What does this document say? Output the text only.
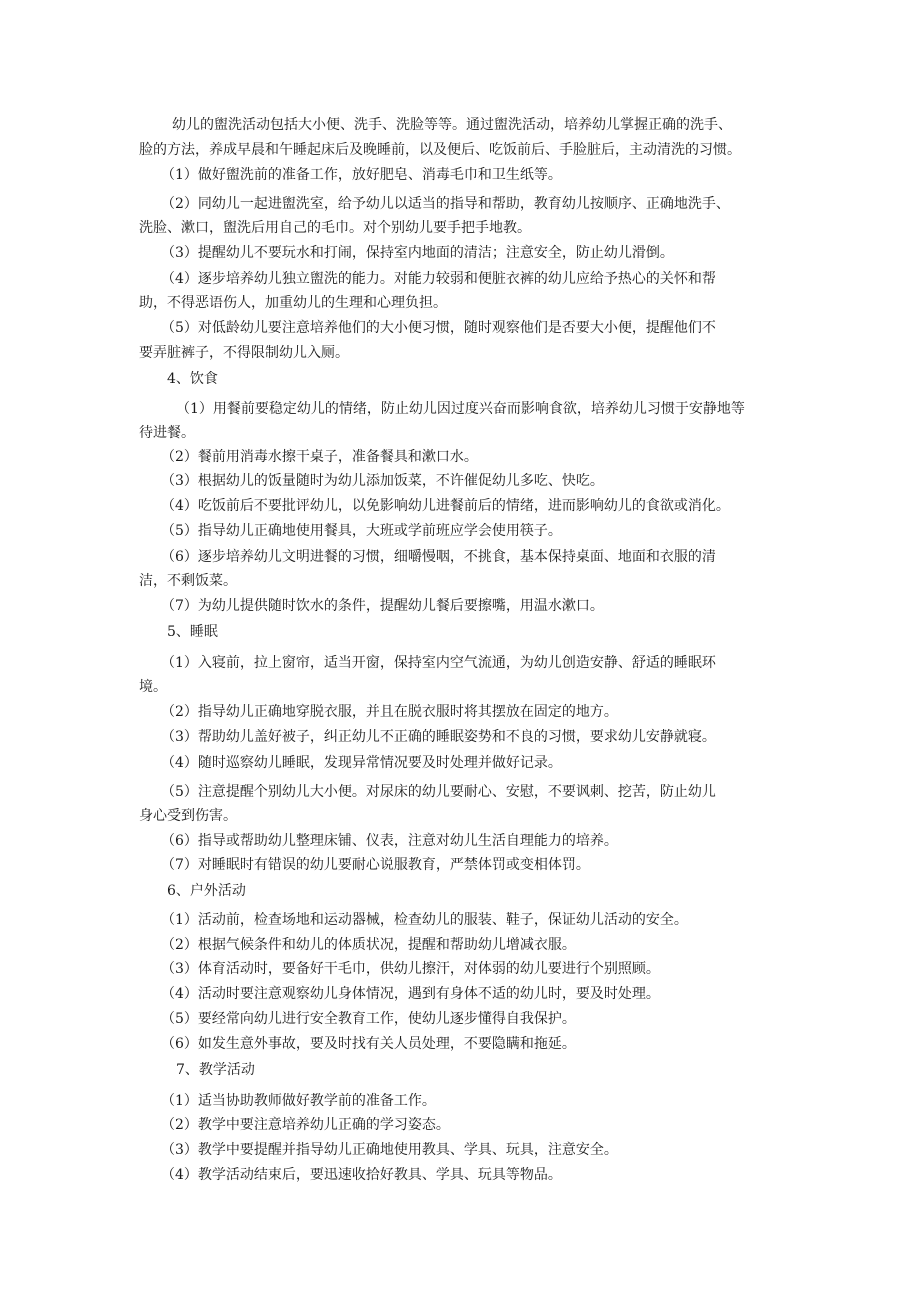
幼儿的盥洗活动包括大小便、洗手、洗脸等等。通过盥洗活动，培养幼儿掌握正确的洗手、

脸的方法，养成早晨和午睡起床后及晚睡前，以及便后、吃饭前后、手脸脏后，主动清洗的习惯。

（1）做好盥洗前的准备工作，放好肥皂、消毒毛巾和卫生纸等。

（2）同幼儿一起进盥洗室，给予幼儿以适当的指导和帮助，教育幼儿按顺序、正确地洗手、

洗脸、漱口，盥洗后用自己的毛巾。对个别幼儿要手把手地教。

（3）提醒幼儿不要玩水和打闹，保持室内地面的清洁；注意安全，防止幼儿滑倒。

（4）逐步培养幼儿独立盥洗的能力。对能力较弱和便脏衣裤的幼儿应给予热心的关怀和帮

助，不得恶语伤人，加重幼儿的生理和心理负担。

（5）对低龄幼儿要注意培养他们的大小便习惯，随时观察他们是否要大小便，提醒他们不

要弄脏裤子，不得限制幼儿入厕。

4、饮食

（1）用餐前要稳定幼儿的情绪，防止幼儿因过度兴奋而影响食欲，培养幼儿习惯于安静地等

待进餐。

（2）餐前用消毒水擦干桌子，准备餐具和漱口水。

（3）根据幼儿的饭量随时为幼儿添加饭菜，不许催促幼儿多吃、快吃。

（4）吃饭前后不要批评幼儿，以免影响幼儿进餐前后的情绪，进而影响幼儿的食欲或消化。

（5）指导幼儿正确地使用餐具，大班或学前班应学会使用筷子。

（6）逐步培养幼儿文明进餐的习惯，细嚼慢咽，不挑食，基本保持桌面、地面和衣服的清

洁，不剩饭菜。

（7）为幼儿提供随时饮水的条件，提醒幼儿餐后要擦嘴，用温水漱口。

5、睡眠

（1）入寝前，拉上窗帘，适当开窗，保持室内空气流通，为幼儿创造安静、舒适的睡眠环

境。

（2）指导幼儿正确地穿脱衣服，并且在脱衣服时将其摆放在固定的地方。

（3）帮助幼儿盖好被子，纠正幼儿不正确的睡眠姿势和不良的习惯，要求幼儿安静就寝。

（4）随时巡察幼儿睡眠，发现异常情况要及时处理并做好记录。

（5）注意提醒个别幼儿大小便。对尿床的幼儿要耐心、安慰，不要讽刺、挖苦，防止幼儿

身心受到伤害。

（6）指导或帮助幼儿整理床铺、仪表，注意对幼儿生活自理能力的培养。

（7）对睡眠时有错误的幼儿要耐心说服教育，严禁体罚或变相体罚。

6、户外活动

（1）活动前，检查场地和运动器械，检查幼儿的服装、鞋子，保证幼儿活动的安全。

（2）根据气候条件和幼儿的体质状况，提醒和帮助幼儿增减衣服。

（3）体育活动时，要备好干毛巾，供幼儿擦汗，对体弱的幼儿要进行个别照顾。

（4）活动时要注意观察幼儿身体情况，遇到有身体不适的幼儿时，要及时处理。

（5）要经常向幼儿进行安全教育工作，使幼儿逐步懂得自我保护。

（6）如发生意外事故，要及时找有关人员处理，不要隐瞒和拖延。

7、教学活动

（1）适当协助教师做好教学前的准备工作。

（2）教学中要注意培养幼儿正确的学习姿态。

（3）教学中要提醒并指导幼儿正确地使用教具、学具、玩具，注意安全。

（4）教学活动结束后，要迅速收拾好教具、学具、玩具等物品。
